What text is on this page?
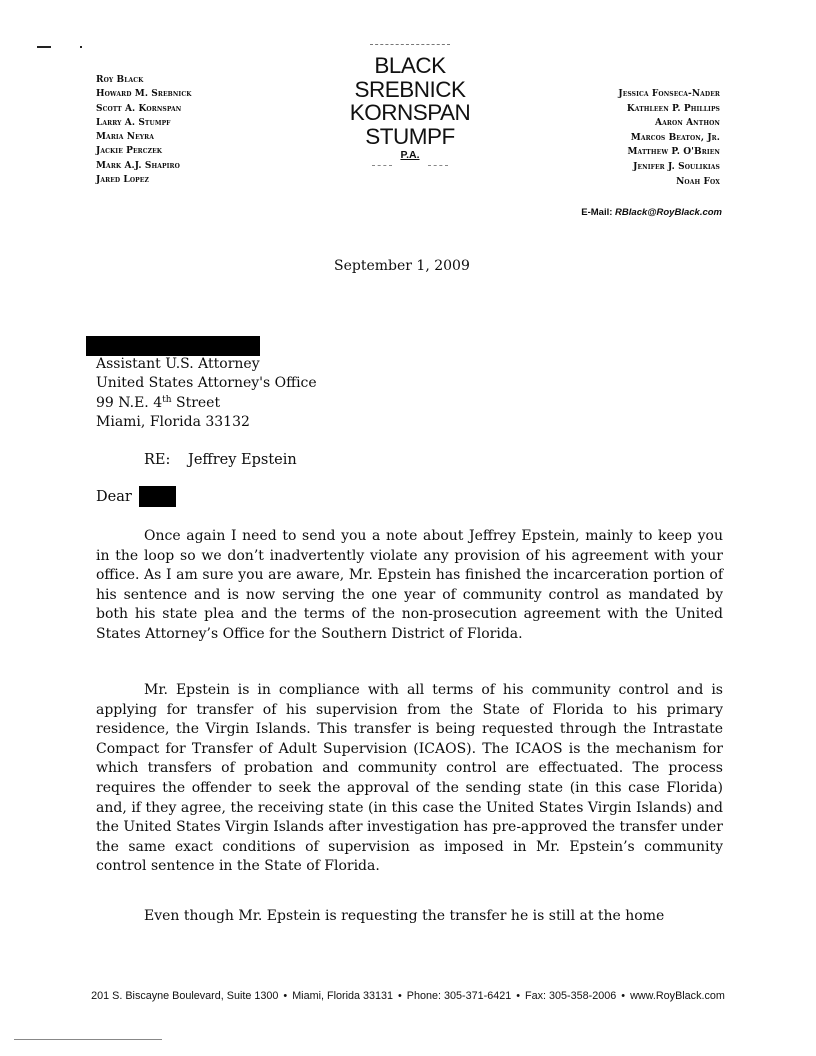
Roy Black
Howard M. Srebnick
Scott A. Kornspan
Larry A. Stumpf
Maria Neyra
Jackie Perczek
Mark A.J. Shapiro
Jared Lopez
BLACK
SREBNICK
KORNSPAN
STUMPF
P.A.
Jessica Fonseca-Nader
Kathleen P. Phillips
Aaron Anthon
Marcos Beaton, Jr.
Matthew P. O'Brien
Jenifer J. Soulikias
Noah Fox
E-Mail: RBlack@RoyBlack.com
September 1, 2009
Assistant U.S. Attorney
United States Attorney's Office
99 N.E. 4th Street
Miami, Florida 33132
RE: Jeffrey Epstein
Dear

Once again I need to send you a note about Jeffrey Epstein, mainly to keep you in the loop so we don’t inadvertently violate any provision of his agreement with your office. As I am sure you are aware, Mr. Epstein has finished the incarceration portion of his sentence and is now serving the one year of community control as mandated by both his state plea and the terms of the non-prosecution agreement with the United States Attorney’s Office for the Southern District of Florida.

Mr. Epstein is in compliance with all terms of his community control and is applying for transfer of his supervision from the State of Florida to his primary residence, the Virgin Islands. This transfer is being requested through the Intrastate Compact for Transfer of Adult Supervision (ICAOS). The ICAOS is the mechanism for which transfers of probation and community control are effectuated. The process requires the offender to seek the approval of the sending state (in this case Florida) and, if they agree, the receiving state (in this case the United States Virgin Islands) and the United States Virgin Islands after investigation has pre-approved the transfer under the same exact conditions of supervision as imposed in Mr. Epstein’s community control sentence in the State of Florida.

Even though Mr. Epstein is requesting the transfer he is still at the home

201 S. Biscayne Boulevard, Suite 1300 • Miami, Florida 33131 • Phone: 305-371-6421 • Fax: 305-358-2006 • www.RoyBlack.com
